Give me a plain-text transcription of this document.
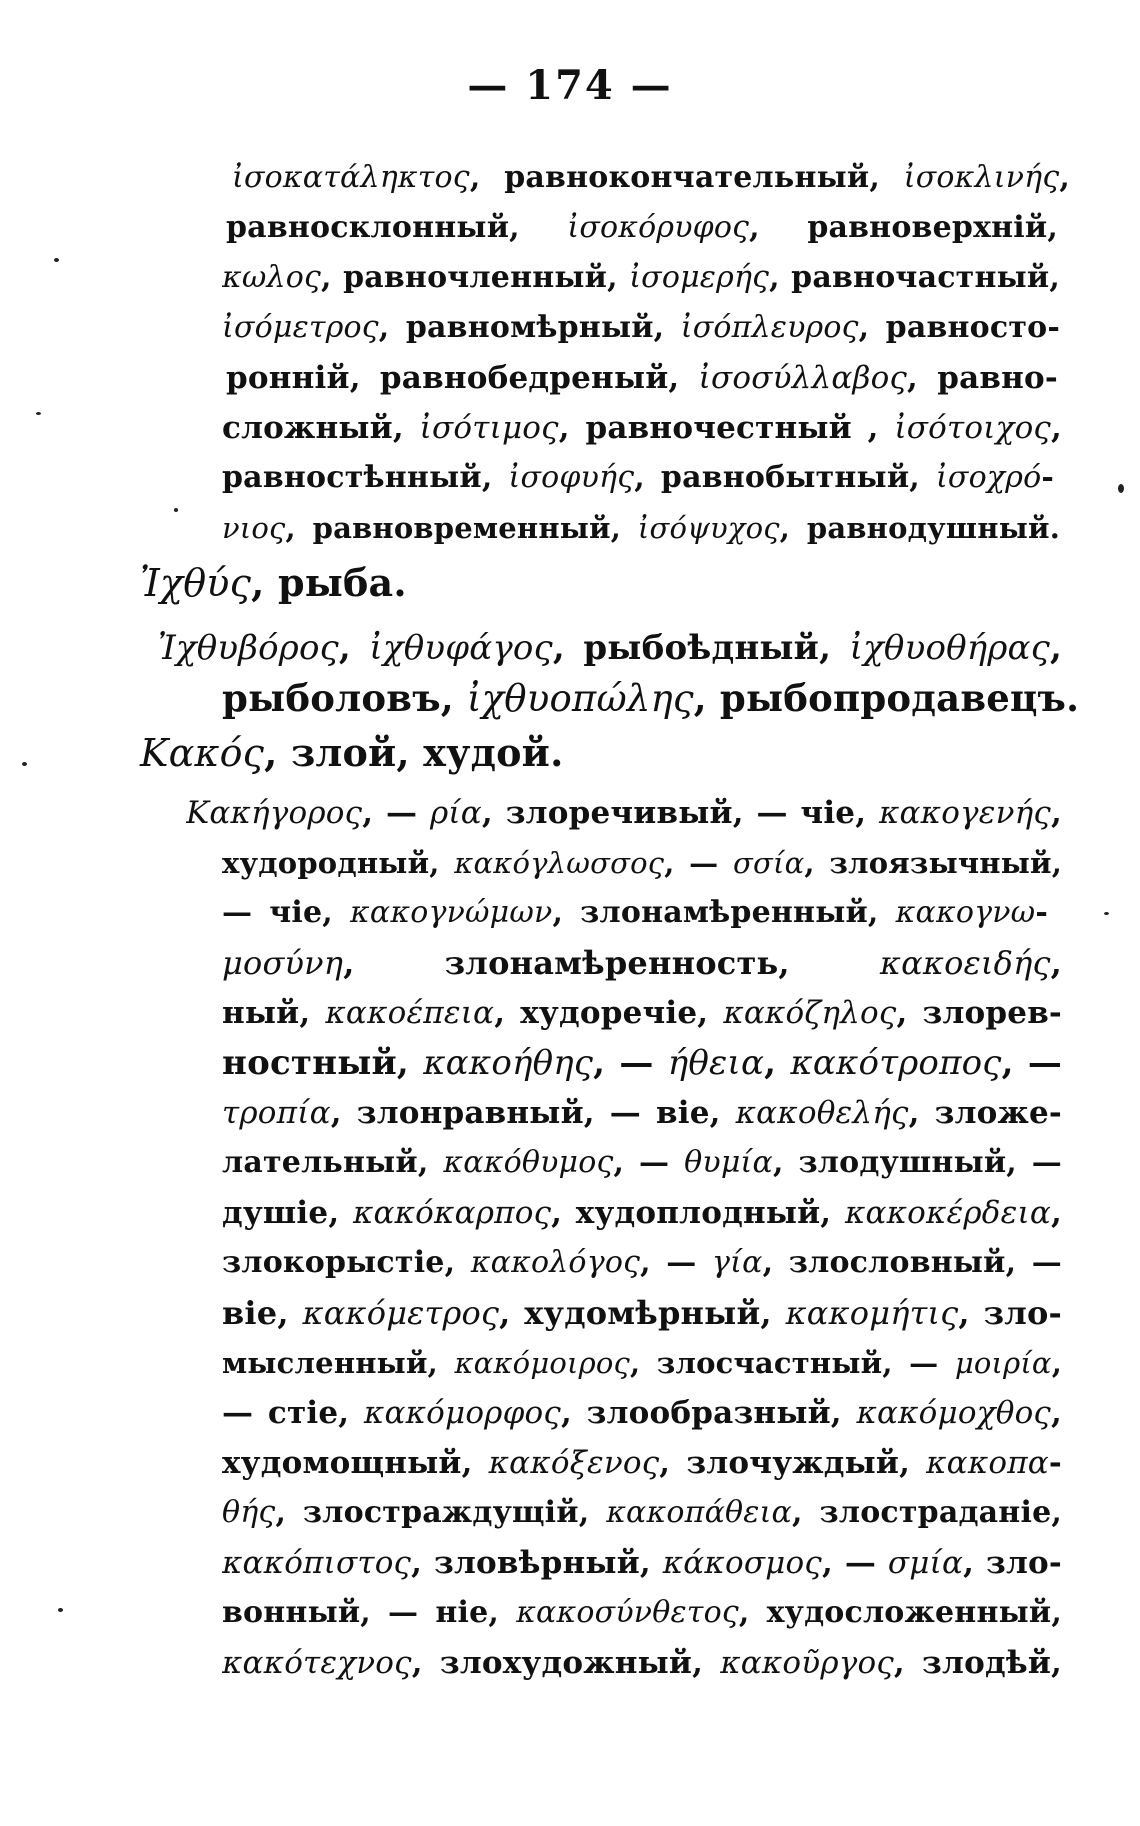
— 174 —
ἰσοκατάληκτος, равнокончательный, ἰσοκλινής,
равносклонный, ἰσοκόρυφος, равноверхній,
κωλος, равночленный, ἰσομερής, равночастный,
ἰσόμετρος, равномѣрный, ἰσόπλευρος, равносто-
ронній, равнобедреный, ἰσοσύλλαβος, равно-
сложный, ἰσότιμος, равночестный , ἰσότοιχος,
равностѣнный, ἰσοφυής, равнобытный, ἰσοχρό-
νιος, равновременный, ἰσόψυχος, равнодушный.
Ἰχθύς, рыба.
Ἰχθυβόρος, ἰχθυφάγος, рыбоѣдный, ἰχθυοθήρας,
рыболовъ, ἰχθυοπώλης, рыбопродавецъ.
Κακός, злой, худой.
Κακήγορος, — ρία, злоречивый, — чіе, κακογενής,
худородный, κακόγλωσσος, — σσία, злоязычный,
— чіе, κακογνώμων, злонамѣренный, κακογνω-
μοσύνη, злонамѣренность, κακοειδής,
ный, κακοέπεια, худоречіе, κακόζηλος, злорев-
ностный, κακοήθης, — ήθεια, κακότροπος, —
τροπία, злонравный, — віе, κακοθελής, зложе-
лательный, κακόθυμος, — θυμία, злодушный, —
душіе, κακόκαρπος, худоплодный, κακοκέρδεια,
злокорыстіе, κακολόγος, — γία, злословный, —
віе, κακόμετρος, худомѣрный, κακομήτις, зло-
мысленный, κακόμοιρος, злосчастный, — μοιρία,
— стіе, κακόμορφος, злообразный, κακόμοχθος,
худомощный, κακόξενος, злочуждый, κακοπα-
θής, злостраждущій, κακοπάθεια, злостраданіе,
κακόπιστος, зловѣрный, κάκοσμος, — σμία, зло-
вонный, — ніе, κακοσύνθετος, худосложенный,
κακότεχνος, злохудожный, κακοῦργος, злодѣй,
